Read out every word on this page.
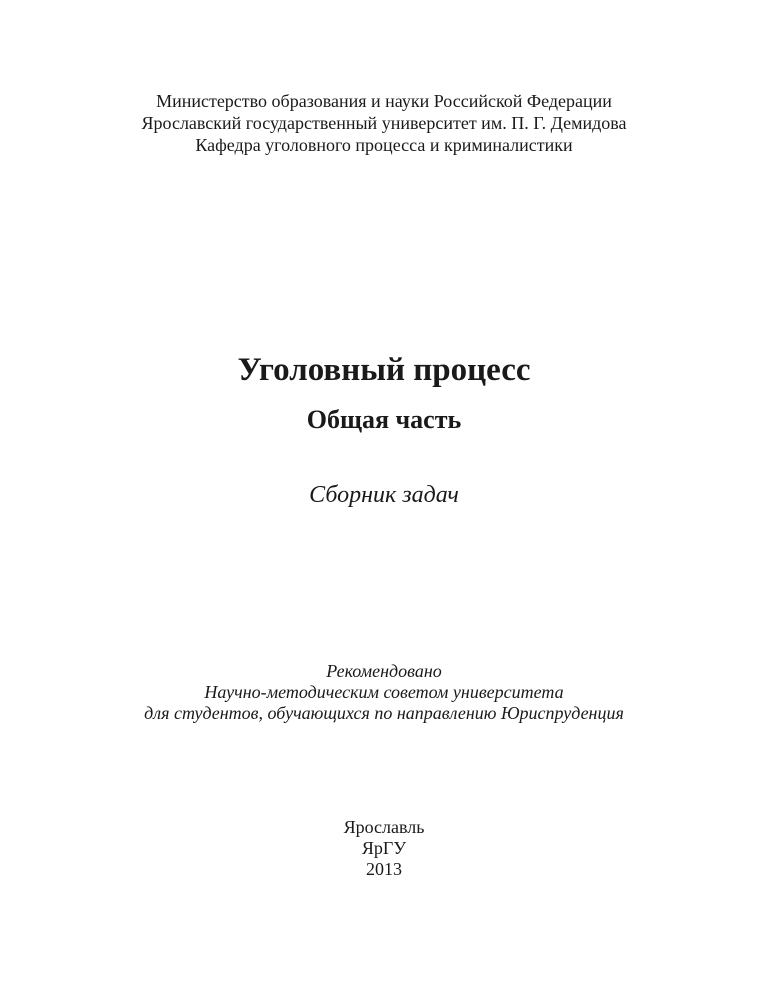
Министерство образования и науки Российской Федерации
Ярославский государственный университет им. П. Г. Демидова
Кафедра уголовного процесса и криминалистики
Уголовный процесс
Общая часть
Сборник задач
Рекомендовано
Научно-методическим советом университета
для студентов, обучающихся по направлению Юриспруденция
Ярославль
ЯрГУ
2013
